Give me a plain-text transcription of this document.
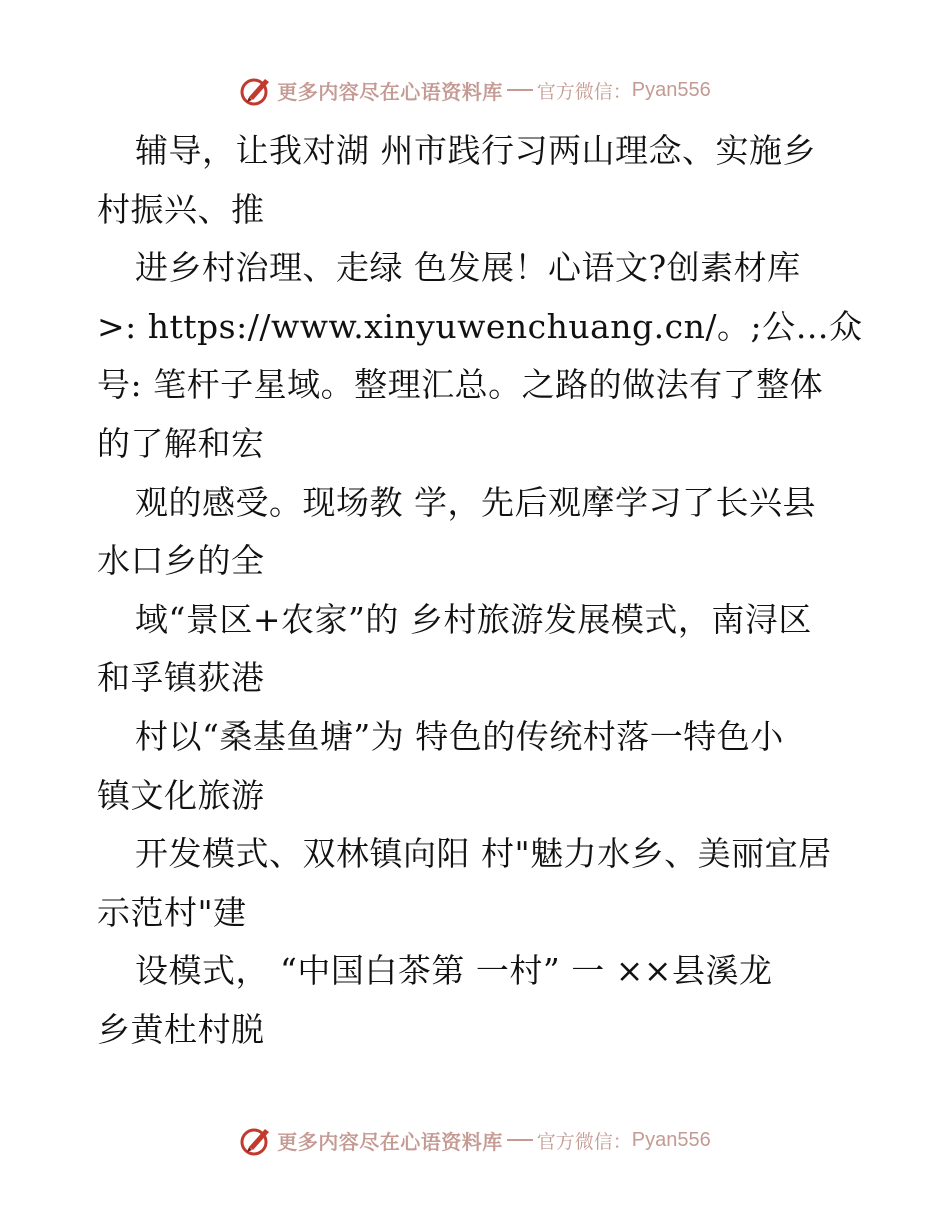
更多内容尽在心语资料库 官方微信： Pyan556
辅导，让我对湖 州市践行习两山理念、实施乡
村振兴、推
进乡村治理、走绿 色发展！心语文?创素材库
>: https://www.xinyuwenchuang.cn/。;公…众
号: 笔杆子星域。整理汇总。之路的做法有了整体
的了解和宏
观的感受。现场教 学，先后观摩学习了长兴县
水口乡的全
域“景区+农家”的 乡村旅游发展模式，南浔区
和孚镇荻港
村以“桑基鱼塘”为 特色的传统村落一特色小
镇文化旅游
开发模式、双林镇向阳 村"魅力水乡、美丽宜居
示范村"建
设模式， “中国白茶第 一村” 一 ××县溪龙
乡黄杜村脱
更多内容尽在心语资料库 官方微信： Pyan556
